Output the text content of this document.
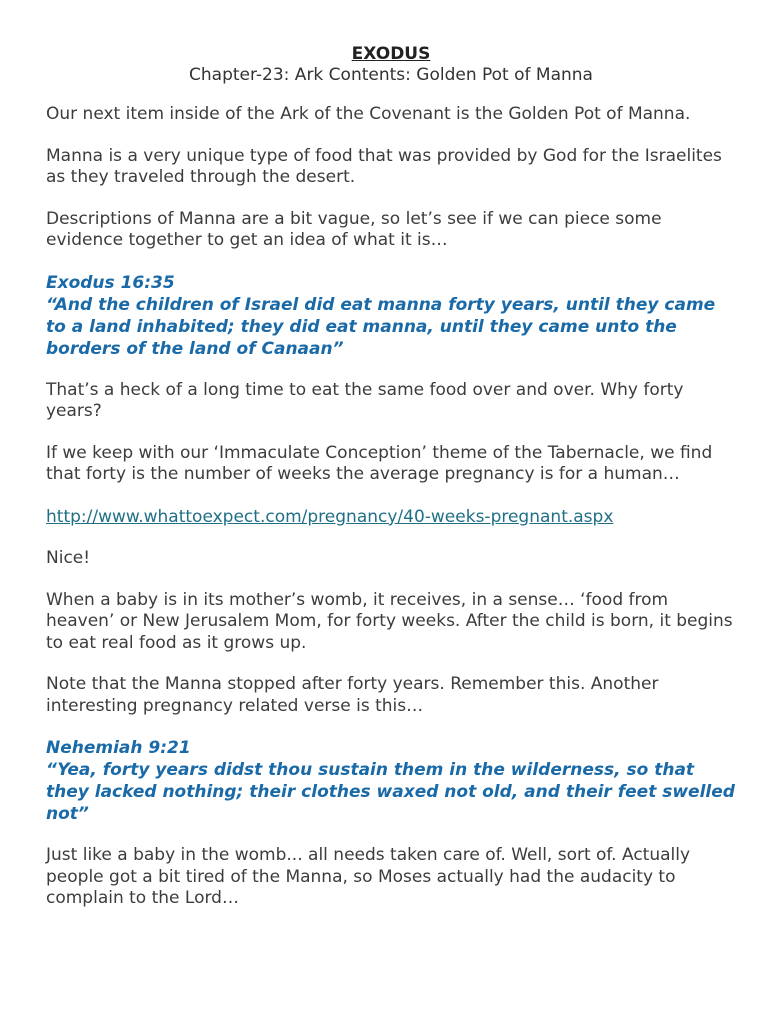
EXODUS
Chapter-23: Ark Contents: Golden Pot of Manna

Our next item inside of the Ark of the Covenant is the Golden Pot of Manna.

Manna is a very unique type of food that was provided by God for the Israelites as they traveled through the desert.

Descriptions of Manna are a bit vague, so let’s see if we can piece some evidence together to get an idea of what it is…

Exodus 16:35
“And the children of Israel did eat manna forty years, until they came to a land inhabited; they did eat manna, until they came unto the borders of the land of Canaan”

That’s a heck of a long time to eat the same food over and over. Why forty years?

If we keep with our ‘Immaculate Conception’ theme of the Tabernacle, we find that forty is the number of weeks the average pregnancy is for a human…

http://www.whattoexpect.com/pregnancy/40-weeks-pregnant.aspx

Nice!

When a baby is in its mother’s womb, it receives, in a sense… ‘food from heaven’ or New Jerusalem Mom, for forty weeks. After the child is born, it begins to eat real food as it grows up.

Note that the Manna stopped after forty years. Remember this. Another interesting pregnancy related verse is this…

Nehemiah 9:21
“Yea, forty years didst thou sustain them in the wilderness, so that they lacked nothing; their clothes waxed not old, and their feet swelled not”

Just like a baby in the womb... all needs taken care of. Well, sort of. Actually people got a bit tired of the Manna, so Moses actually had the audacity to complain to the Lord…
